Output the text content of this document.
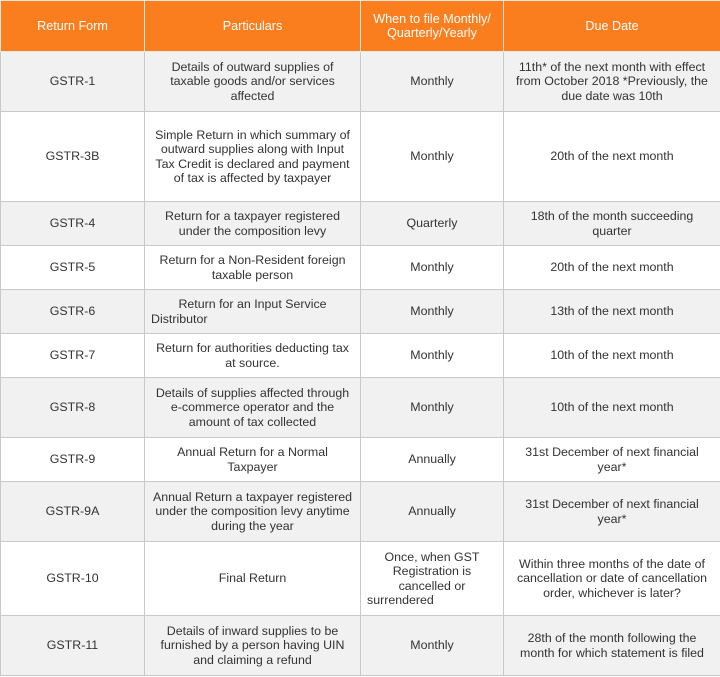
Return Form	Particulars	When to file Monthly/ Quarterly/Yearly	Due Date
GSTR-1	Details of outward supplies of taxable goods and/or services affected	Monthly	11th* of the next month with effect from October 2018 *Previously, the due date was 10th
GSTR-3B	Simple Return in which summary of outward supplies along with Input Tax Credit is declared and payment of tax is affected by taxpayer	Monthly	20th of the next month
GSTR-4	Return for a taxpayer registered under the composition levy	Quarterly	18th of the month succeeding quarter
GSTR-5	Return for a Non-Resident foreign taxable person	Monthly	20th of the next month
GSTR-6	Return for an Input Service Distributor	Monthly	13th of the next month
GSTR-7	Return for authorities deducting tax at source.	Monthly	10th of the next month
GSTR-8	Details of supplies affected through e-commerce operator and the amount of tax collected	Monthly	10th of the next month
GSTR-9	Annual Return for a Normal Taxpayer	Annually	31st December of next financial year*
GSTR-9A	Annual Return a taxpayer registered under the composition levy anytime during the year	Annually	31st December of next financial year*
GSTR-10	Final Return	Once, when GST Registration is cancelled or surrendered	Within three months of the date of cancellation or date of cancellation order, whichever is later?
GSTR-11	Details of inward supplies to be furnished by a person having UIN and claiming a refund	Monthly	28th of the month following the month for which statement is filed
